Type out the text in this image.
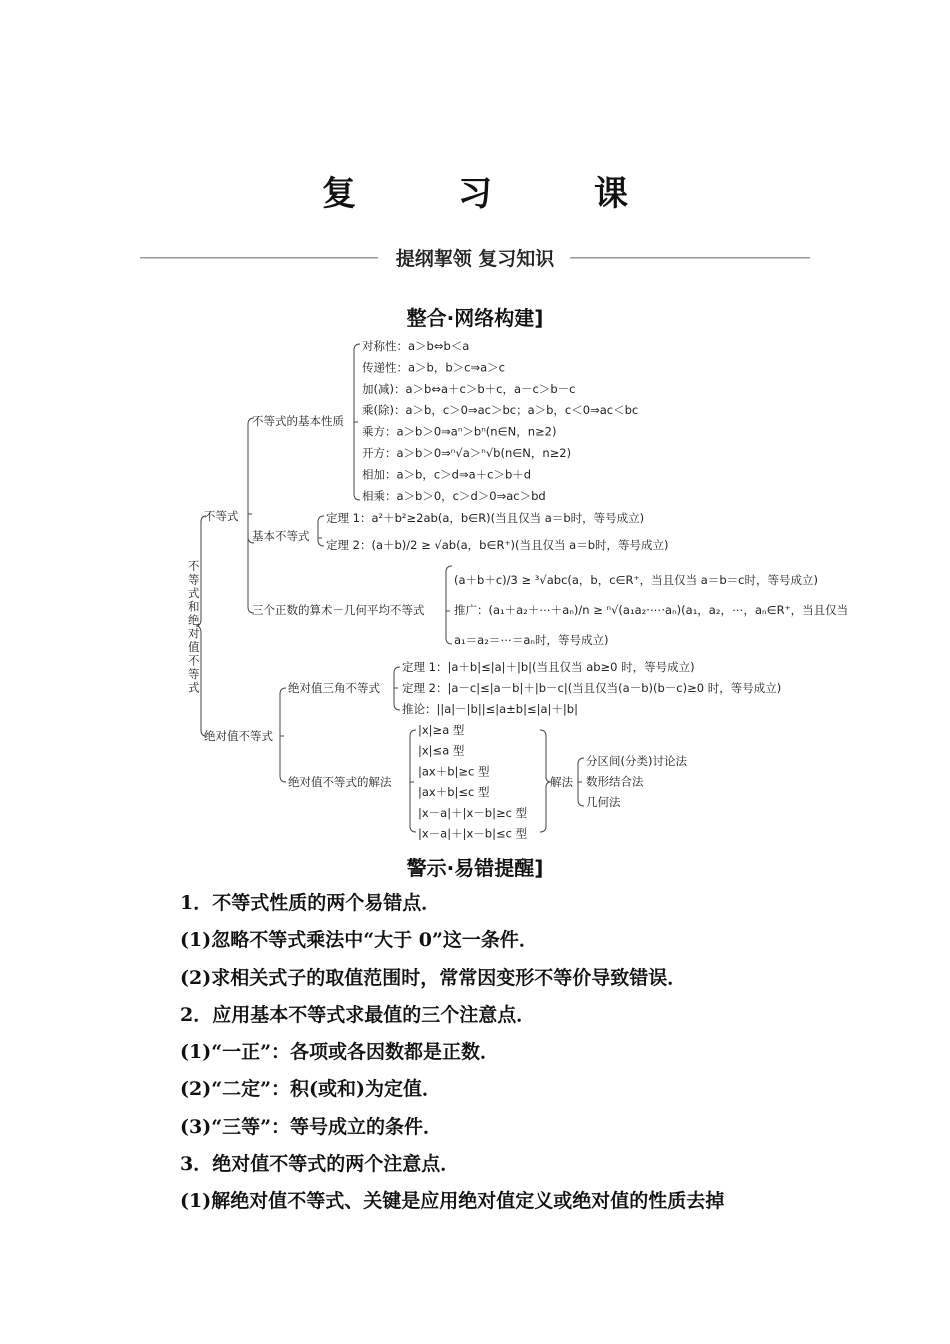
复　习　课
提纲挈领 复习知识
整合·网络构建]
不等式和绝对值不等式
不等式
绝对值不等式
不等式的基本性质
基本不等式
三个正数的算术－几何平均不等式
对称性：a＞b⇔b＜a
传递性：a＞b，b＞c⇒a＞c
加(减)：a＞b⇔a＋c＞b＋c，a－c＞b－c
乘(除)：a＞b，c＞0⇒ac＞bc；a＞b，c＜0⇒ac＜bc
乘方：a＞b＞0⇒aⁿ＞bⁿ(n∈N，n≥2)
开方：a＞b＞0⇒ⁿ√a＞ⁿ√b(n∈N，n≥2)
相加：a＞b，c＞d⇒a＋c＞b＋d
相乘：a＞b＞0，c＞d＞0⇒ac＞bd
定理 1：a²＋b²≥2ab(a，b∈R)(当且仅当 a＝b时，等号成立)
定理 2：(a＋b)/2 ≥ √ab(a，b∈R⁺)(当且仅当 a＝b时，等号成立)
(a＋b＋c)/3 ≥ ³√abc(a，b，c∈R⁺，当且仅当 a＝b＝c时，等号成立)
推广：(a₁＋a₂＋⋯＋aₙ)/n ≥ ⁿ√(a₁a₂·⋯·aₙ)(a₁，a₂，⋯，aₙ∈R⁺，当且仅当
a₁＝a₂＝⋯＝aₙ时，等号成立)
绝对值三角不等式
绝对值不等式的解法
定理 1：|a＋b|≤|a|＋|b|(当且仅当 ab≥0 时，等号成立)
定理 2：|a－c|≤|a－b|＋|b－c|(当且仅当(a－b)(b－c)≥0 时，等号成立)
推论：||a|－|b||≤|a±b|≤|a|＋|b|
|x|≥a 型
|x|≤a 型
|ax＋b|≥c 型
|ax＋b|≤c 型
|x－a|＋|x－b|≥c 型
|x－a|＋|x－b|≤c 型
解法
分区间(分类)讨论法
数形结合法
几何法
警示·易错提醒]
1．不等式性质的两个易错点．
(1)忽略不等式乘法中“大于 0”这一条件．
(2)求相关式子的取值范围时，常常因变形不等价导致错误．
2．应用基本不等式求最值的三个注意点．
(1)“一正”：各项或各因数都是正数．
(2)“二定”：积(或和)为定值．
(3)“三等”：等号成立的条件．
3．绝对值不等式的两个注意点．
(1)解绝对值不等式、关键是应用绝对值定义或绝对值的性质去掉
